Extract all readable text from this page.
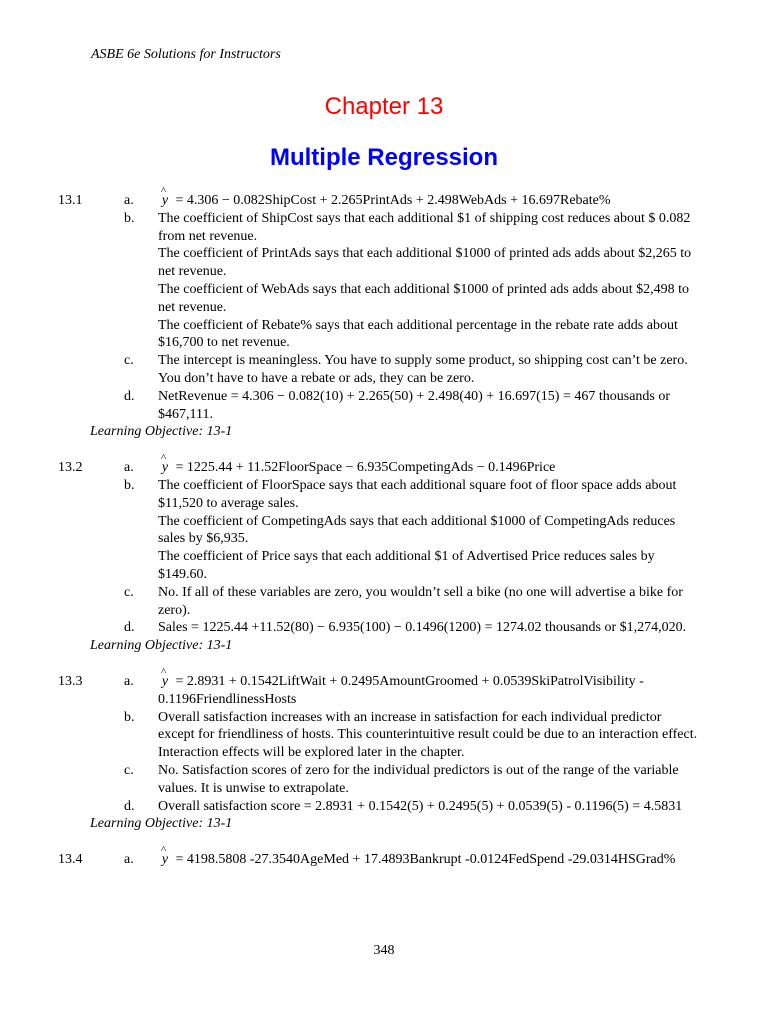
ASBE 6e Solutions for Instructors
Chapter 13
Multiple Regression
13.1	a. ^ y = 4.306 − 0.082ShipCost + 2.265PrintAds + 2.498WebAds + 16.697Rebate%

b. The coefficient of ShipCost says that each additional $1 of shipping cost reduces about $ 0.082 from net revenue.

The coefficient of PrintAds says that each additional $1000 of printed ads adds about $2,265 to net revenue.

The coefficient of WebAds says that each additional $1000 of printed ads adds about $2,498 to net revenue.

The coefficient of Rebate% says that each additional percentage in the rebate rate adds about $16,700 to net revenue.

c. The intercept is meaningless. You have to supply some product, so shipping cost can’t be zero. You don’t have to have a rebate or ads, they can be zero.

d. NetRevenue = 4.306 − 0.082(10) + 2.265(50) + 2.498(40) + 16.697(15) = 467 thousands or $467,111.

Learning Objective: 13-1
13.2	a. ^ y = 1225.44 + 11.52FloorSpace − 6.935CompetingAds − 0.1496Price

b. The coefficient of FloorSpace says that each additional square foot of floor space adds about $11,520 to average sales.

The coefficient of CompetingAds says that each additional $1000 of CompetingAds reduces sales by $6,935.

The coefficient of Price says that each additional $1 of Advertised Price reduces sales by $149.60.

c. No. If all of these variables are zero, you wouldn’t sell a bike (no one will advertise a bike for zero).

d. Sales = 1225.44 +11.52(80) − 6.935(100) − 0.1496(1200) = 1274.02 thousands or $1,274,020.

Learning Objective: 13-1
13.3	a. ^ y = 2.8931 + 0.1542LiftWait + 0.2495AmountGroomed + 0.0539SkiPatrolVisibility - 0.1196FriendlinessHosts

b. Overall satisfaction increases with an increase in satisfaction for each individual predictor except for friendliness of hosts. This counterintuitive result could be due to an interaction effect. Interaction effects will be explored later in the chapter.

c. No. Satisfaction scores of zero for the individual predictors is out of the range of the variable values. It is unwise to extrapolate.

d. Overall satisfaction score = 2.8931 + 0.1542(5) + 0.2495(5) + 0.0539(5) - 0.1196(5) = 4.5831

Learning Objective: 13-1
13.4	a. ^ y = 4198.5808 -27.3540AgeMed + 17.4893Bankrupt -0.0124FedSpend -29.0314HSGrad%

348
